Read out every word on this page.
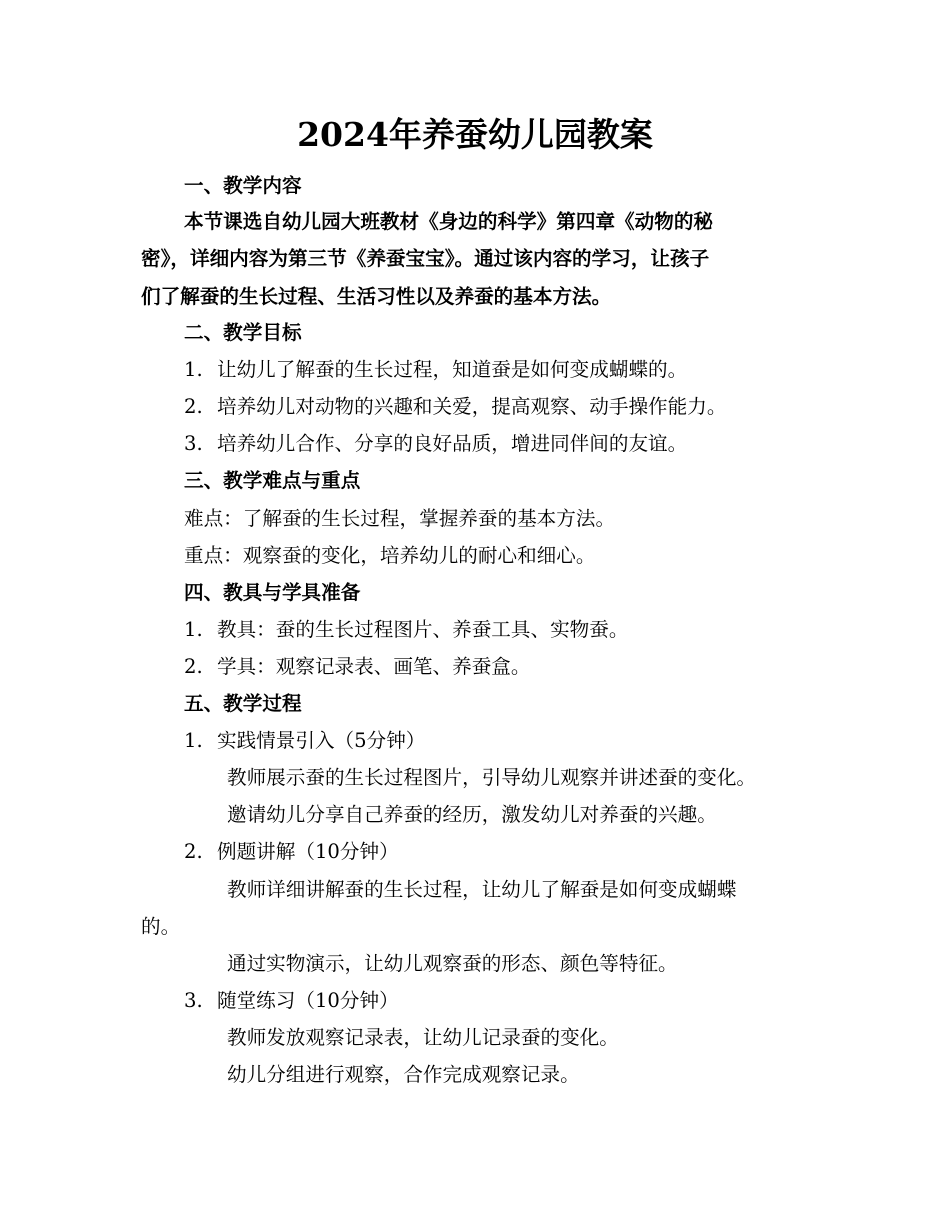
2024年养蚕幼儿园教案
一、教学内容
本节课选自幼儿园大班教材《身边的科学》第四章《动物的秘
密》，详细内容为第三节《养蚕宝宝》。通过该内容的学习，让孩子
们了解蚕的生长过程、生活习性以及养蚕的基本方法。
二、教学目标
1. 让幼儿了解蚕的生长过程，知道蚕是如何变成蝴蝶的。
2. 培养幼儿对动物的兴趣和关爱，提高观察、动手操作能力。
3. 培养幼儿合作、分享的良好品质，增进同伴间的友谊。
三、教学难点与重点
难点：了解蚕的生长过程，掌握养蚕的基本方法。
重点：观察蚕的变化，培养幼儿的耐心和细心。
四、教具与学具准备
1. 教具：蚕的生长过程图片、养蚕工具、实物蚕。
2. 学具：观察记录表、画笔、养蚕盒。
五、教学过程
1. 实践情景引入（5分钟）
教师展示蚕的生长过程图片，引导幼儿观察并讲述蚕的变化。
邀请幼儿分享自己养蚕的经历，激发幼儿对养蚕的兴趣。
2. 例题讲解（10分钟）
教师详细讲解蚕的生长过程，让幼儿了解蚕是如何变成蝴蝶
的。
通过实物演示，让幼儿观察蚕的形态、颜色等特征。
3. 随堂练习（10分钟）
教师发放观察记录表，让幼儿记录蚕的变化。
幼儿分组进行观察，合作完成观察记录。
